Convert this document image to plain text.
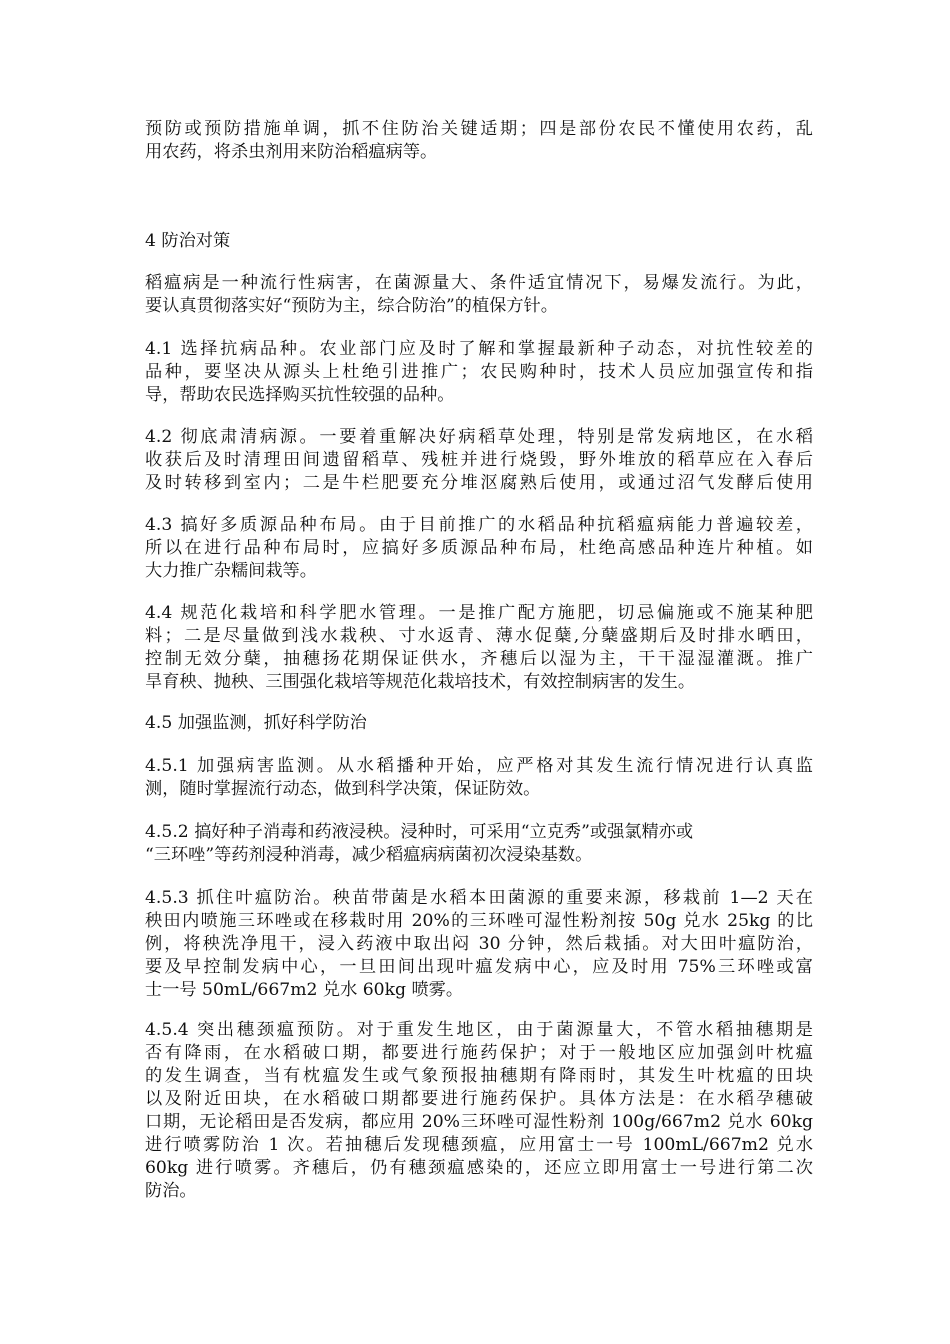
预防或预防措施单调，抓不住防治关键适期；四是部份农民不懂使用农药，乱
用农药，将杀虫剂用来防治稻瘟病等。
4 防治对策
稻瘟病是一种流行性病害，在菌源量大、条件适宜情况下，易爆发流行。为此，
要认真贯彻落实好“预防为主，综合防治”的植保方针。
4.1 选择抗病品种。农业部门应及时了解和掌握最新种子动态，对抗性较差的
品种，要坚决从源头上杜绝引进推广；农民购种时，技术人员应加强宣传和指
导，帮助农民选择购买抗性较强的品种。
4.2 彻底肃清病源。一要着重解决好病稻草处理，特别是常发病地区，在水稻
收获后及时清理田间遗留稻草、残桩并进行烧毁，野外堆放的稻草应在入春后
及时转移到室内；二是牛栏肥要充分堆沤腐熟后使用，或通过沼气发酵后使用
4.3 搞好多质源品种布局。由于目前推广的水稻品种抗稻瘟病能力普遍较差，
所以在进行品种布局时，应搞好多质源品种布局，杜绝高感品种连片种植。如
大力推广杂糯间栽等。
4.4 规范化栽培和科学肥水管理。一是推广配方施肥，切忌偏施或不施某种肥
料；二是尽量做到浅水栽秧、寸水返青、薄水促蘖,分蘖盛期后及时排水晒田，
控制无效分蘖，抽穗扬花期保证供水，齐穗后以湿为主，干干湿湿灌溉。推广
旱育秧、抛秧、三围强化栽培等规范化栽培技术，有效控制病害的发生。
4.5 加强监测，抓好科学防治
4.5.1 加强病害监测。从水稻播种开始，应严格对其发生流行情况进行认真监
测，随时掌握流行动态，做到科学决策，保证防效。
4.5.2 搞好种子消毒和药液浸秧。浸种时，可采用“立克秀”或强氯精亦或
“三环唑”等药剂浸种消毒，减少稻瘟病病菌初次浸染基数。
4.5.3 抓住叶瘟防治。秧苗带菌是水稻本田菌源的重要来源，移栽前 1—2 天在
秧田内喷施三环唑或在移栽时用 20%的三环唑可湿性粉剂按 50g 兑水 25kg 的比
例，将秧洗净甩干，浸入药液中取出闷 30 分钟，然后栽插。对大田叶瘟防治，
要及早控制发病中心，一旦田间出现叶瘟发病中心，应及时用 75%三环唑或富
士一号 50mL/667m2 兑水 60kg 喷雾。
4.5.4 突出穗颈瘟预防。对于重发生地区，由于菌源量大，不管水稻抽穗期是
否有降雨，在水稻破口期，都要进行施药保护；对于一般地区应加强剑叶枕瘟
的发生调查，当有枕瘟发生或气象预报抽穗期有降雨时，其发生叶枕瘟的田块
以及附近田块，在水稻破口期都要进行施药保护。具体方法是：在水稻孕穗破
口期，无论稻田是否发病，都应用 20%三环唑可湿性粉剂 100g/667m2 兑水 60kg
进行喷雾防治 1 次。若抽穗后发现穗颈瘟，应用富士一号 100mL/667m2 兑水
60kg 进行喷雾。齐穗后，仍有穗颈瘟感染的，还应立即用富士一号进行第二次
防治。
